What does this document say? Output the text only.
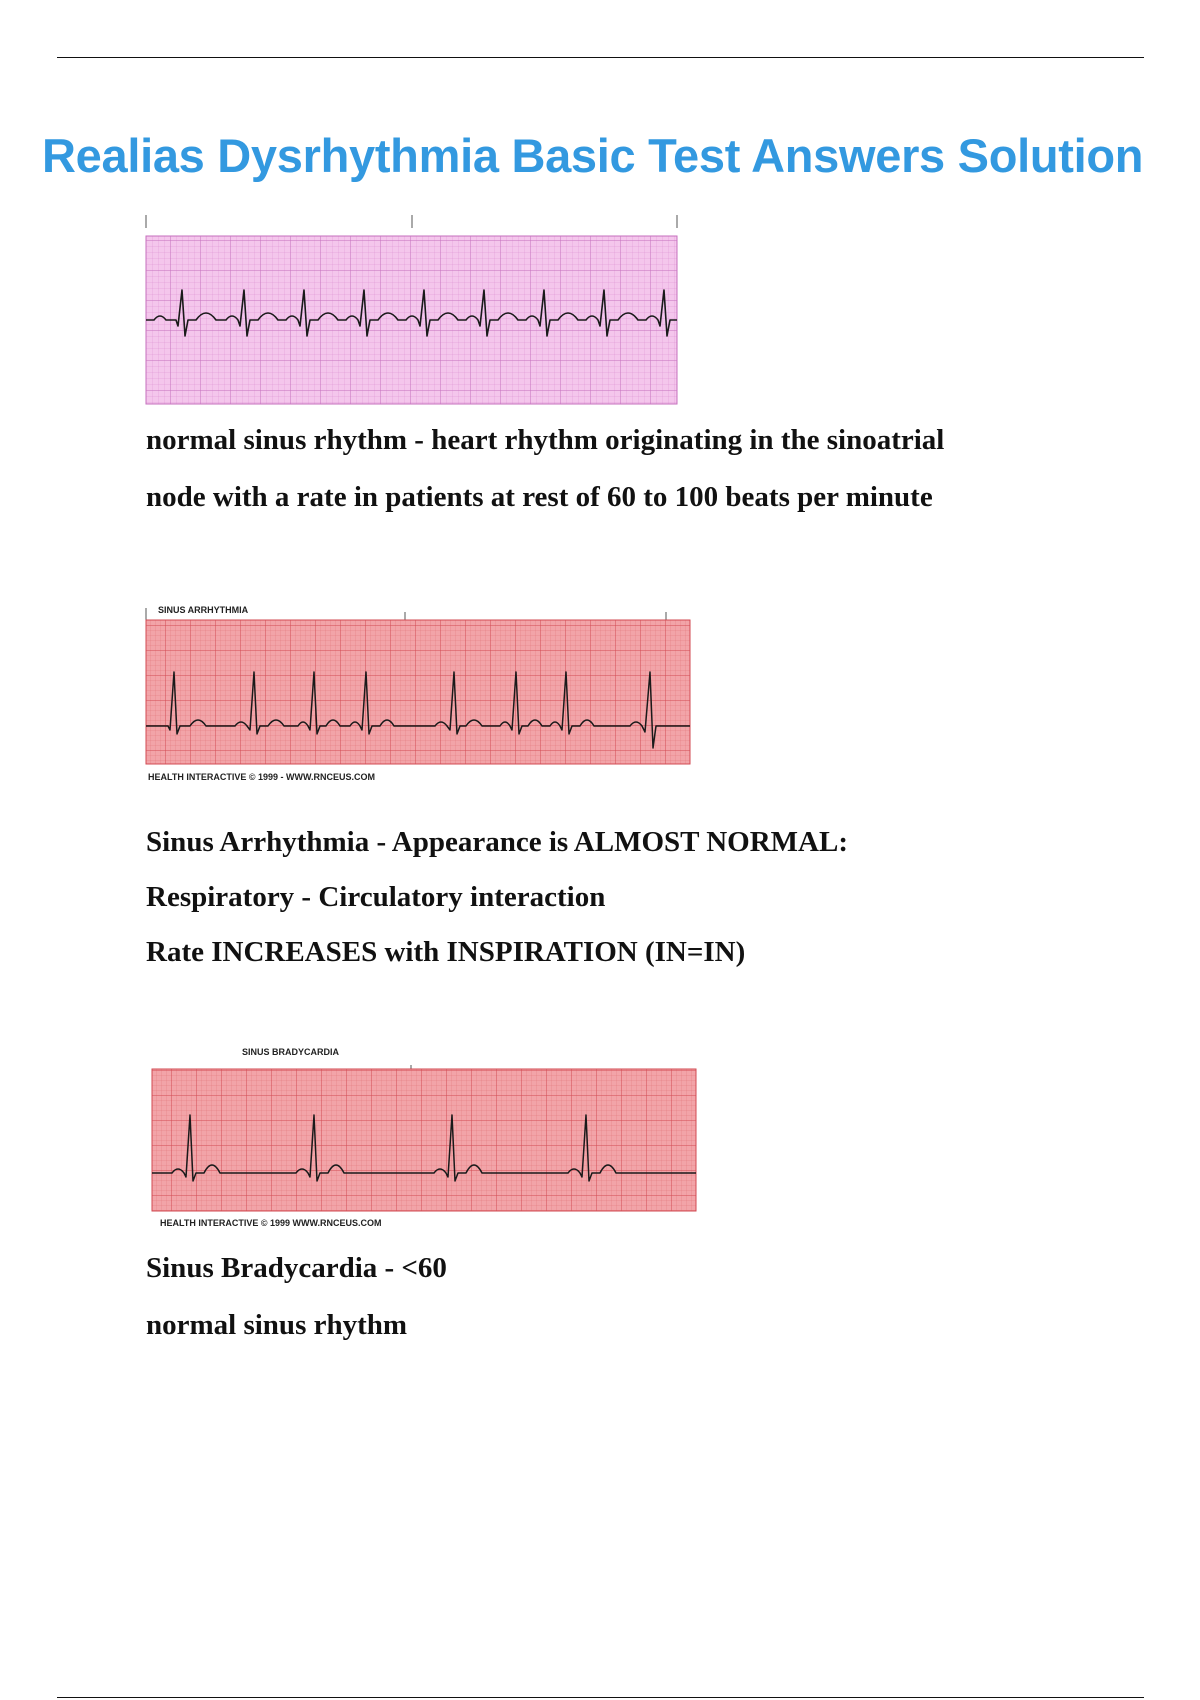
Realias Dysrhythmia Basic Test Answers Solution

normal sinus rhythm - heart rhythm originating in the sinoatrial
node with a rate in patients at rest of 60 to 100 beats per minute

SINUS ARRHYTHMIA
HEALTH INTERACTIVE © 1999 - WWW.RNCEUS.COM

Sinus Arrhythmia - Appearance is ALMOST NORMAL:
Respiratory - Circulatory interaction
Rate INCREASES with INSPIRATION (IN=IN)

SINUS BRADYCARDIA
HEALTH INTERACTIVE © 1999 WWW.RNCEUS.COM

Sinus Bradycardia - <60
normal sinus rhythm
